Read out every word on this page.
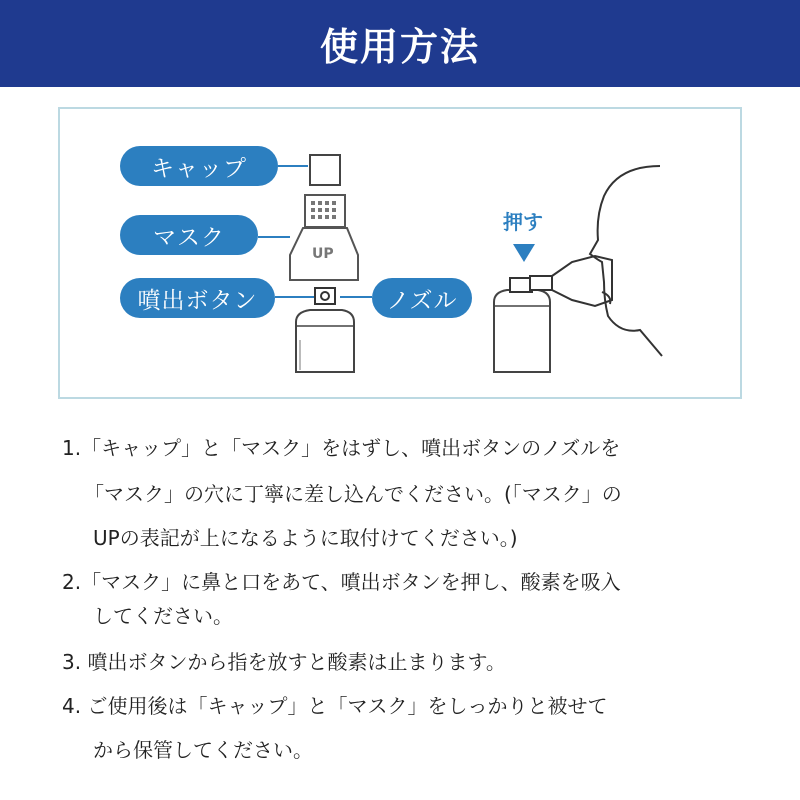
使用方法
UP
キャップ
マスク
噴出ボタン	ノズル
押す
1.「キャップ」と「マスク」をはずし、噴出ボタンのノズルを
「マスク」の穴に丁寧に差し込んでください。(「マスク」の
UPの表記が上になるように取付けてください。)
2.「マスク」に鼻と口をあて、噴出ボタンを押し、酸素を吸入
してください。
3. 噴出ボタンから指を放すと酸素は止まります。
4. ご使用後は「キャップ」と「マスク」をしっかりと被せて
から保管してください。
